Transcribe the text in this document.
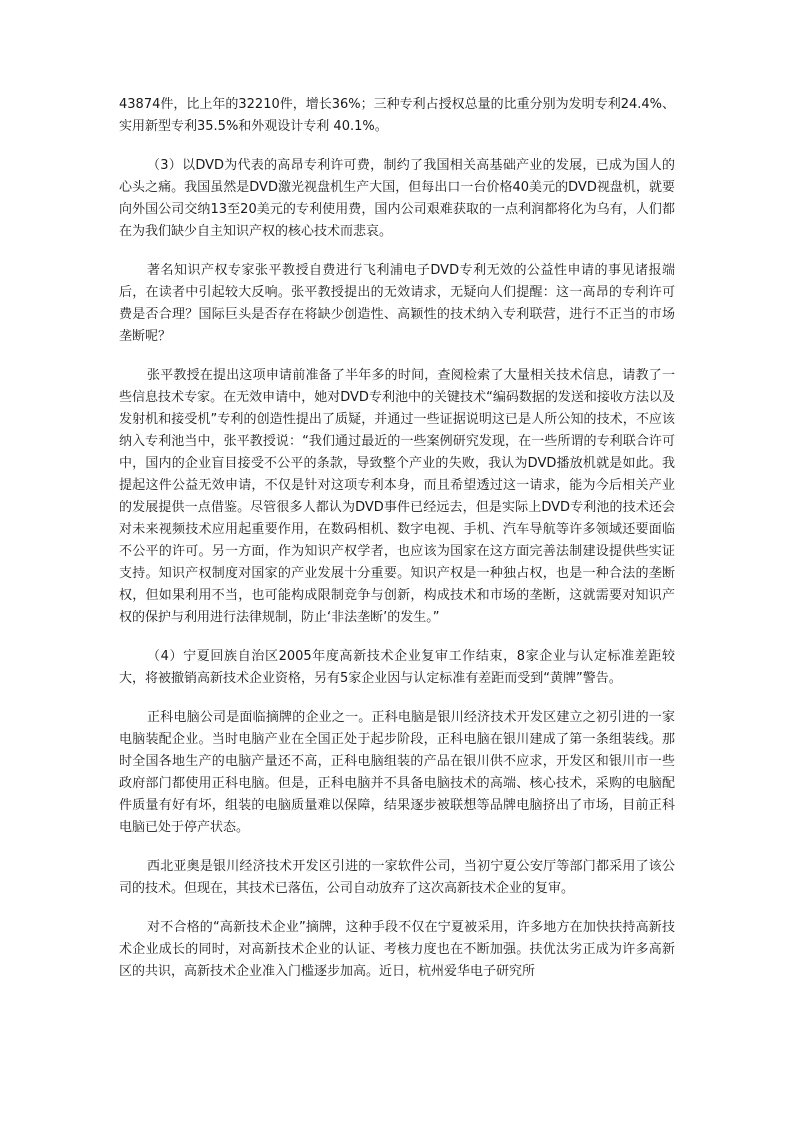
43874件，比上年的32210件，增长36%；三种专利占授权总量的比重分别为发明专利24.4%、实用新型专利35.5%和外观设计专利 40.1%。

（3）以DVD为代表的高昂专利许可费，制约了我国相关高基础产业的发展，已成为国人的心头之痛。我国虽然是DVD激光视盘机生产大国，但每出口一台价格40美元的DVD视盘机，就要向外国公司交纳13至20美元的专利使用费，国内公司艰难获取的一点利润都将化为乌有，人们都在为我们缺少自主知识产权的核心技术而悲哀。

著名知识产权专家张平教授自费进行飞利浦电子DVD专利无效的公益性申请的事见诸报端后，在读者中引起较大反响。张平教授提出的无效请求，无疑向人们提醒：这一高昂的专利许可费是否合理？国际巨头是否存在将缺少创造性、高颖性的技术纳入专利联营，进行不正当的市场垄断呢？

张平教授在提出这项申请前准备了半年多的时间，查阅检索了大量相关技术信息，请教了一些信息技术专家。在无效申请中，她对DVD专利池中的关键技术“编码数据的发送和接收方法以及发射机和接受机”专利的创造性提出了质疑，并通过一些证据说明这已是人所公知的技术，不应该纳入专利池当中，张平教授说：“我们通过最近的一些案例研究发现，在一些所谓的专利联合许可中，国内的企业盲目接受不公平的条款，导致整个产业的失败，我认为DVD播放机就是如此。我提起这件公益无效申请，不仅是针对这项专利本身，而且希望透过这一请求，能为今后相关产业的发展提供一点借鉴。尽管很多人都认为DVD事件已经远去，但是实际上DVD专利池的技术还会对未来视频技术应用起重要作用，在数码相机、数字电视、手机、汽车导航等许多领域还要面临不公平的许可。另一方面，作为知识产权学者，也应该为国家在这方面完善法制建设提供些实证支持。知识产权制度对国家的产业发展十分重要。知识产权是一种独占权，也是一种合法的垄断权，但如果利用不当，也可能构成限制竞争与创新，构成技术和市场的垄断，这就需要对知识产权的保护与利用进行法律规制，防止‘非法垄断’的发生。”

（4）宁夏回族自治区2005年度高新技术企业复审工作结束，8家企业与认定标准差距较大，将被撤销高新技术企业资格，另有5家企业因与认定标准有差距而受到“黄牌”警告。

正科电脑公司是面临摘牌的企业之一。正科电脑是银川经济技术开发区建立之初引进的一家电脑装配企业。当时电脑产业在全国正处于起步阶段，正科电脑在银川建成了第一条组装线。那时全国各地生产的电脑产量还不高，正科电脑组装的产品在银川供不应求，开发区和银川市一些政府部门都使用正科电脑。但是，正科电脑并不具备电脑技术的高端、核心技术，采购的电脑配件质量有好有坏，组装的电脑质量难以保障，结果逐步被联想等品牌电脑挤出了市场，目前正科电脑已处于停产状态。

西北亚奥是银川经济技术开发区引进的一家软件公司，当初宁夏公安厅等部门都采用了该公司的技术。但现在，其技术已落伍，公司自动放弃了这次高新技术企业的复审。

对不合格的“高新技术企业”摘牌，这种手段不仅在宁夏被采用，许多地方在加快扶持高新技术企业成长的同时，对高新技术企业的认证、考核力度也在不断加强。扶优汰劣正成为许多高新区的共识，高新技术企业准入门槛逐步加高。近日，杭州爱华电子研究所
